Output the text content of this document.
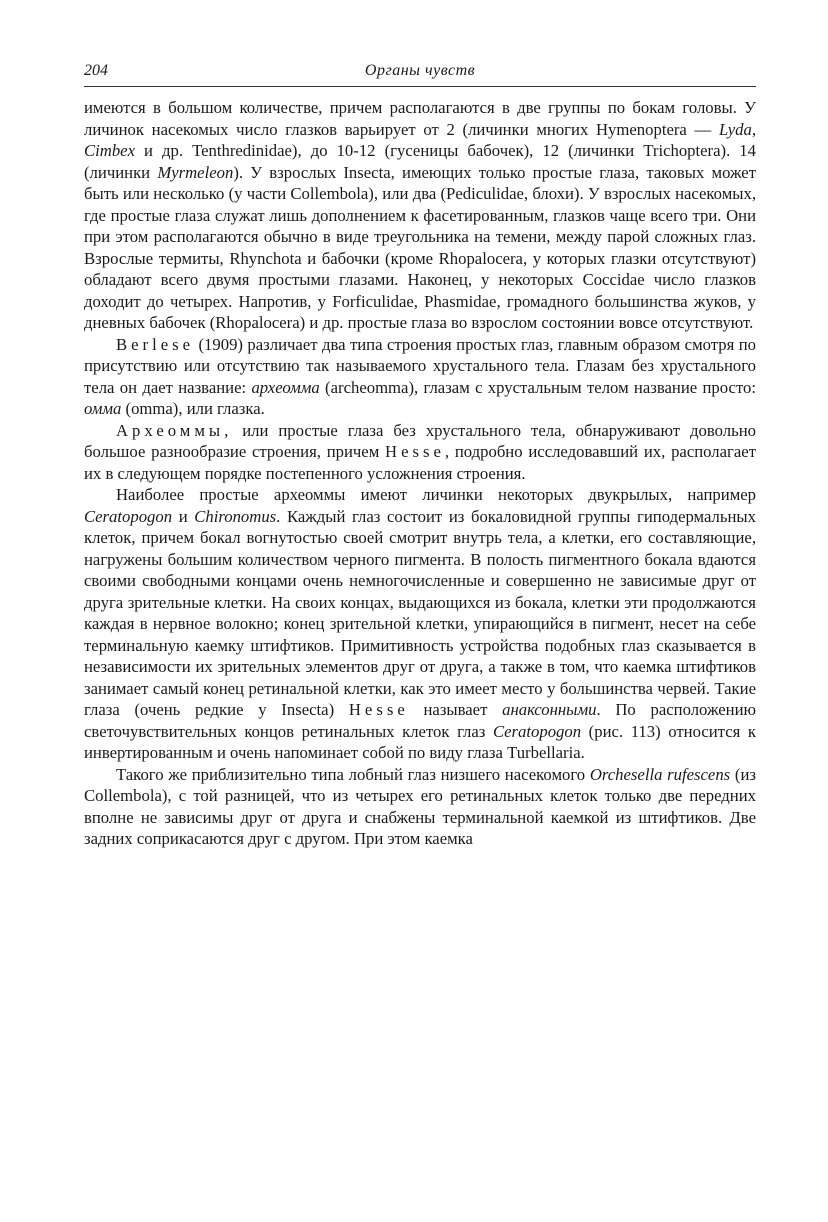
204	Органы чувств

имеются в большом количестве, причем располагаются в две группы по бокам головы. У личинок насекомых число глазков варьирует от 2 (личинки многих Hymenoptera — Lyda, Cimbex и др. Tenthredinidae), до 10-12 (гусеницы бабочек), 12 (личинки Trichoptera). 14 (личинки Myrmeleon). У взрослых Insecta, имеющих только простые глаза, таковых может быть или несколько (у части Collembola), или два (Pediculidae, блохи). У взрослых насекомых, где простые глаза служат лишь дополнением к фасетированным, глазков чаще всего три. Они при этом располагаются обычно в виде треугольника на темени, между парой сложных глаз. Взрослые термиты, Rhynchota и бабочки (кроме Rhopalocera, у которых глазки отсутствуют) обладают всего двумя простыми глазами. Наконец, у некоторых Coccidae число глазков доходит до четырех. Напротив, у Forficulidae, Phasmidae, громадного большинства жуков, у дневных бабочек (Rhopalocera) и др. простые глаза во взрослом состоянии вовсе отсутствуют.

Berlese (1909) различает два типа строения простых глаз, главным образом смотря по присутствию или отсутствию так называемого хрустального тела. Глазам без хрустального тела он дает название: археомма (archeomma), глазам с хрустальным телом название просто: омма (omma), или глазка.

Археоммы, или простые глаза без хрустального тела, обнаруживают довольно большое разнообразие строения, причем Hesse, подробно исследовавший их, располагает их в следующем порядке постепенного усложнения строения.

Наиболее простые археоммы имеют личинки некоторых двукрылых, например Ceratopogon и Chironomus. Каждый глаз состоит из бокаловидной группы гиподермальных клеток, причем бокал вогнутостью своей смотрит внутрь тела, а клетки, его составляющие, нагружены большим количеством черного пигмента. В полость пигментного бокала вдаются своими свободными концами очень немногочисленные и совершенно не зависимые друг от друга зрительные клетки. На своих концах, выдающихся из бокала, клетки эти продолжаются каждая в нервное волокно; конец зрительной клетки, упирающийся в пигмент, несет на себе терминальную каемку штифтиков. Примитивность устройства подобных глаз сказывается в независимости их зрительных элементов друг от друга, а также в том, что каемка штифтиков занимает самый конец ретинальной клетки, как это имеет место у большинства червей. Такие глаза (очень редкие у Insecta) Hesse называет анаксонными. По расположению светочувствительных концов ретинальных клеток глаз Ceratopogon (рис. 113) относится к инвертированным и очень напоминает собой по виду глаза Turbellaria.

Такого же приблизительно типа лобный глаз низшего насекомого Orchesella rufescens (из Collembola), с той разницей, что из четырех его ретинальных клеток только две передних вполне не зависимы друг от друга и снабжены терминальной каемкой из штифтиков. Две задних соприкасаются друг с другом. При этом каемка
